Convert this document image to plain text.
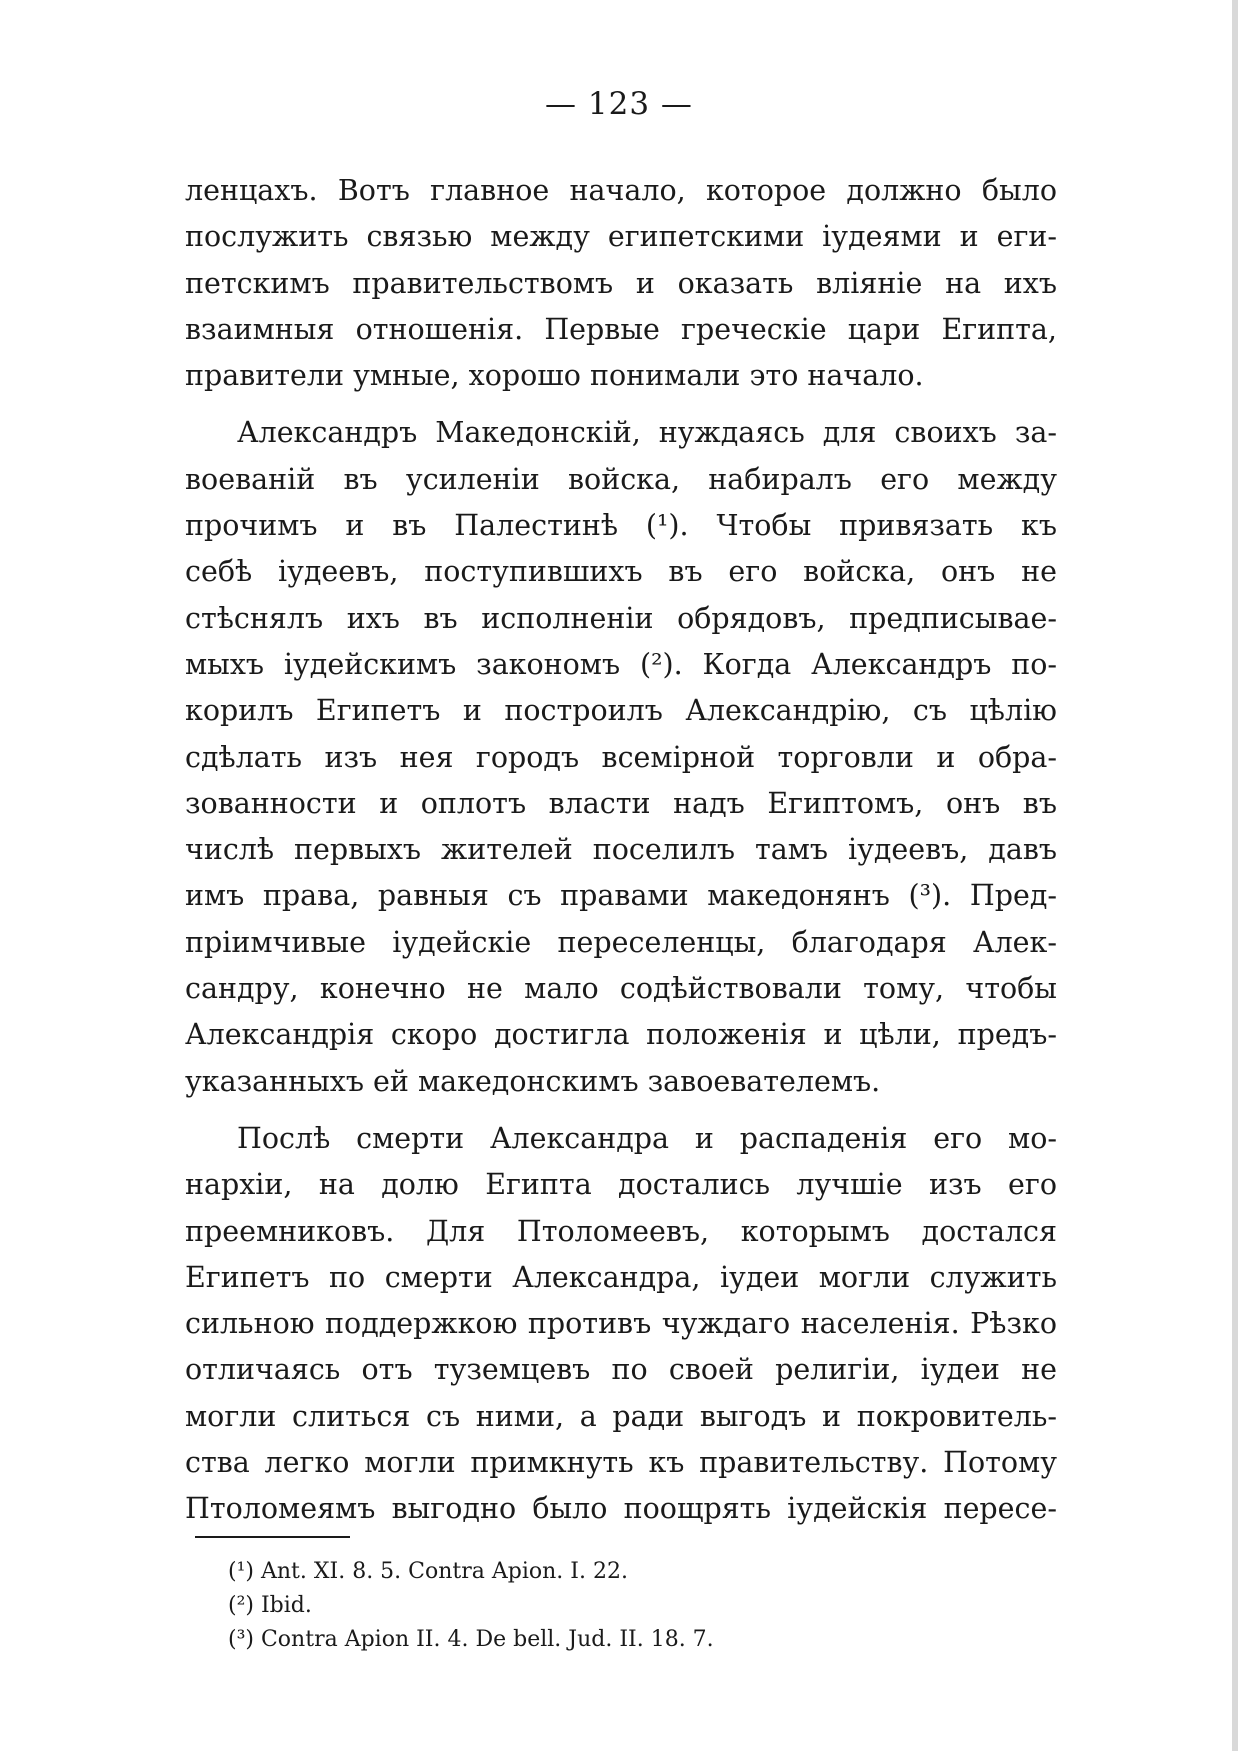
— 123 —
ленцахъ. Вотъ главное начало, которое должно было
послужить связью между египетскими іудеями и еги-
петскимъ правительствомъ и оказать вліяніе на ихъ
взаимныя отношенія. Первые греческіе цари Египта,
правители умные, хорошо понимали это начало.
Александръ Македонскій, нуждаясь для своихъ за-
воеваній въ усиленіи войска, набиралъ его между
прочимъ и въ Палестинѣ (¹). Чтобы привязать къ
себѣ іудеевъ, поступившихъ въ его войска, онъ не
стѣснялъ ихъ въ исполненіи обрядовъ, предписывае-
мыхъ іудейскимъ закономъ (²). Когда Александръ по-
корилъ Египетъ и построилъ Александрію, съ цѣлію
сдѣлать изъ нея городъ всемірной торговли и обра-
зованности и оплотъ власти надъ Египтомъ, онъ въ
числѣ первыхъ жителей поселилъ тамъ іудеевъ, давъ
имъ права, равныя съ правами македонянъ (³). Пред-
пріимчивые іудейскіе переселенцы, благодаря Алек-
сандру, конечно не мало содѣйствовали тому, чтобы
Александрія скоро достигла положенія и цѣли, предъ-
указанныхъ ей македонскимъ завоевателемъ.
Послѣ смерти Александра и распаденія его мо-
нархіи, на долю Египта достались лучшіе изъ его
преемниковъ. Для Птоломеевъ, которымъ достался
Египетъ по смерти Александра, іудеи могли служить
сильною поддержкою противъ чуждаго населенія. Рѣзко
отличаясь отъ туземцевъ по своей религіи, іудеи не
могли слиться съ ними, а ради выгодъ и покровитель-
ства легко могли примкнуть къ правительству. Потому
Птоломеямъ выгодно было поощрять іудейскія пересе-
(¹) Ant. XI. 8. 5. Contra Apion. I. 22.
(²) Ibid.
(³) Contra Apion II. 4. De bell. Jud. II. 18. 7.
